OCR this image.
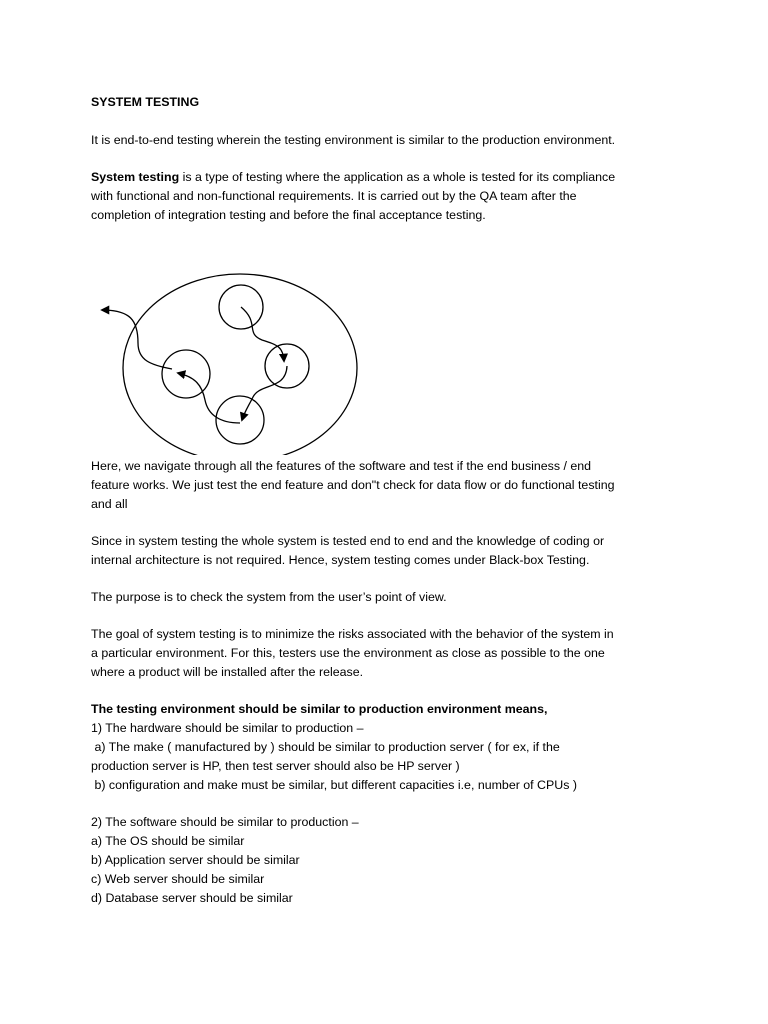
SYSTEM TESTING

It is end-to-end testing wherein the testing environment is similar to the production environment.

System testing is a type of testing where the application as a whole is tested for its compliance

with functional and non-functional requirements. It is carried out by the QA team after the

completion of integration testing and before the final acceptance testing.

Here, we navigate through all the features of the software and test if the end business / end

feature works. We just test the end feature and don"t check for data flow or do functional testing

and all

Since in system testing the whole system is tested end to end and the knowledge of coding or

internal architecture is not required. Hence, system testing comes under Black-box Testing.

The purpose is to check the system from the user’s point of view.

The goal of system testing is to minimize the risks associated with the behavior of the system in

a particular environment. For this, testers use the environment as close as possible to the one

where a product will be installed after the release.

The testing environment should be similar to production environment means,

1) The hardware should be similar to production –

a) The make ( manufactured by ) should be similar to production server ( for ex, if the

production server is HP, then test server should also be HP server )

b) configuration and make must be similar, but different capacities i.e, number of CPUs )

2) The software should be similar to production –

a) The OS should be similar

b) Application server should be similar

c) Web server should be similar

d) Database server should be similar
